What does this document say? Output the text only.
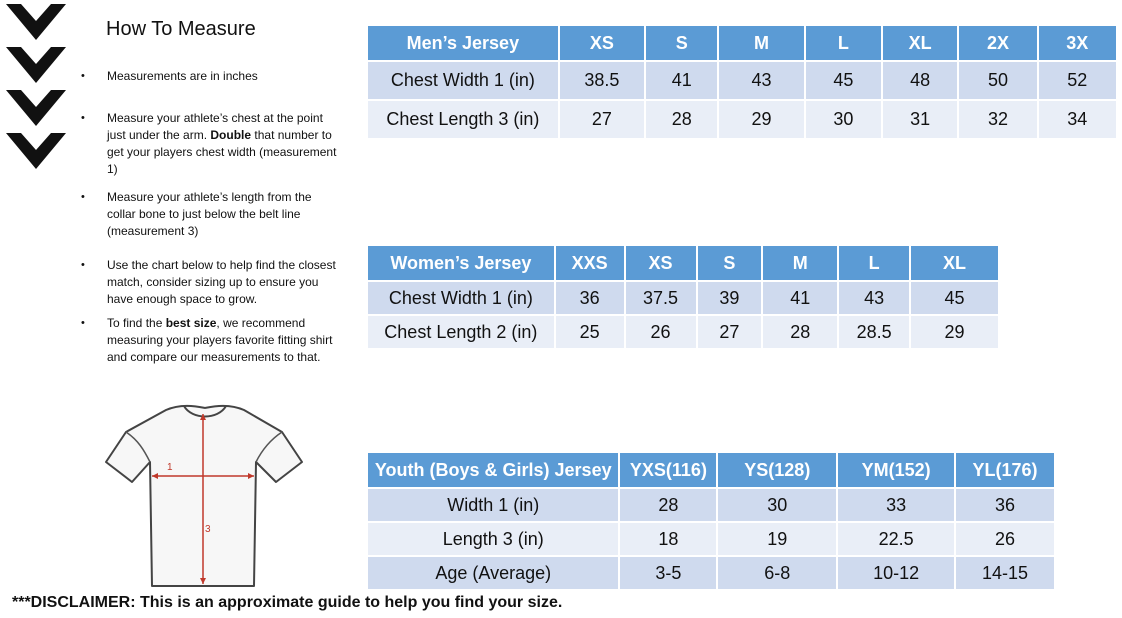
How To Measure
• Measurements are in inches
• Measure your athlete’s chest at the point just under the arm. Double that number to get your players chest width (measurement 1)
• Measure your athlete’s length from the collar bone to just below the belt line (measurement 3)
• Use the chart below to help find the closest match, consider sizing up to ensure you have enough space to grow.
• To find the best size, we recommend measuring your players favorite fitting shirt and compare our measurements to that.
1
3
Men’s Jersey	XS	S	M	L	XL	2X	3X
Chest Width 1 (in)	38.5	41	43	45	48	50	52
Chest Length 3 (in)	27	28	29	30	31	32	34
Women’s Jersey	XXS	XS	S	M	L	XL
Chest Width 1 (in)	36	37.5	39	41	43	45
Chest Length 2 (in)	25	26	27	28	28.5	29
Youth (Boys & Girls) Jersey	YXS(116)	YS(128)	YM(152)	YL(176)
Width 1 (in)	28	30	33	36
Length 3 (in)	18	19	22.5	26
Age (Average)	3-5	6-8	10-12	14-15
***DISCLAIMER: This is an approximate guide to help you find your size.
